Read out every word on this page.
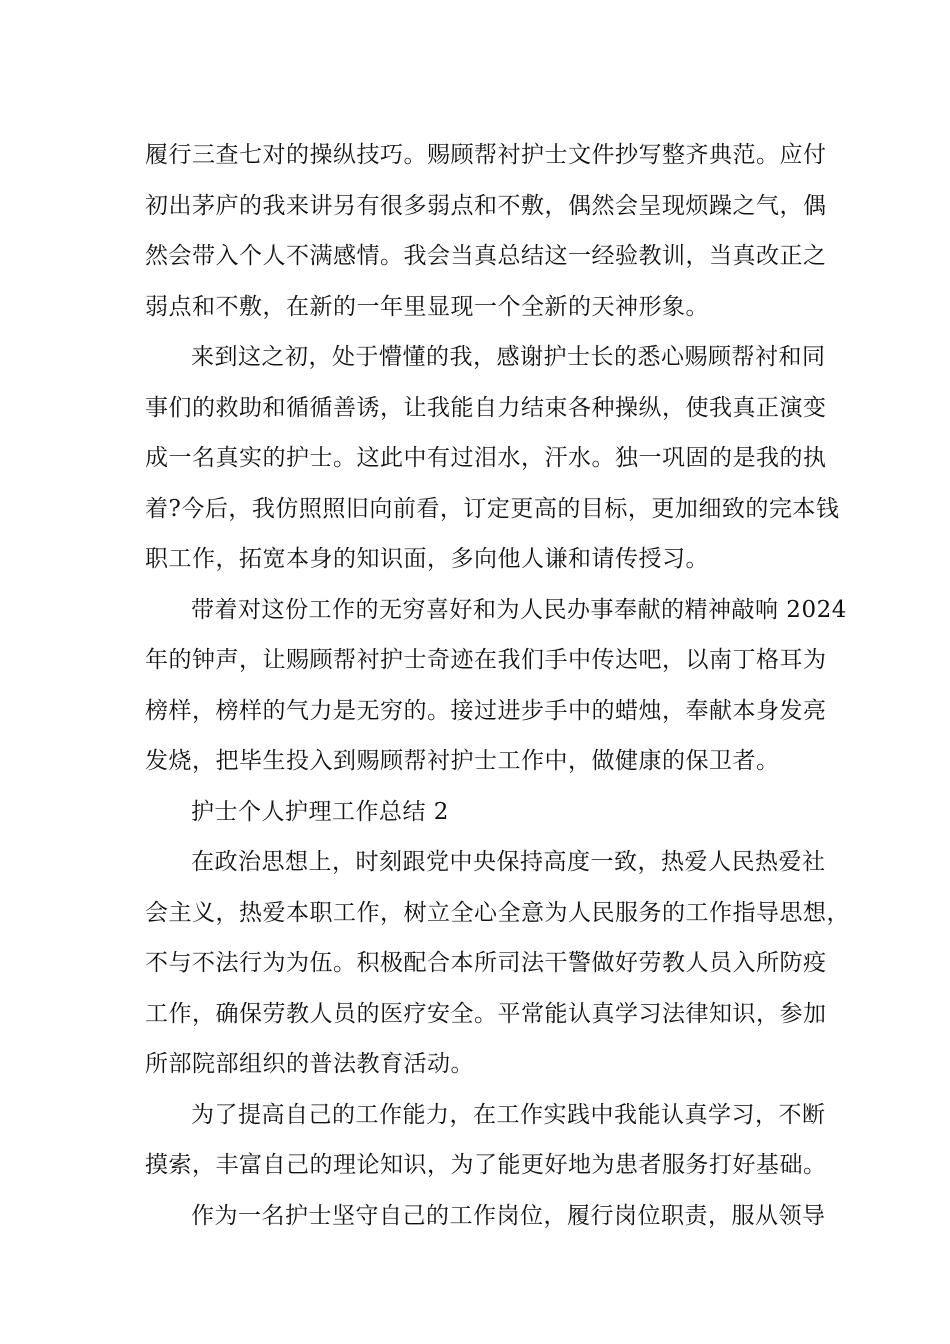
履行三查七对的操纵技巧。赐顾帮衬护士文件抄写整齐典范。应付
初出茅庐的我来讲另有很多弱点和不敷，偶然会呈现烦躁之气，偶
然会带入个人不满感情。我会当真总结这一经验教训，当真改正之
弱点和不敷，在新的一年里显现一个全新的天神形象。
来到这之初，处于懵懂的我，感谢护士长的悉心赐顾帮衬和同
事们的救助和循循善诱，让我能自力结束各种操纵，使我真正演变
成一名真实的护士。这此中有过泪水，汗水。独一巩固的是我的执
着?今后，我仿照照旧向前看，订定更高的目标，更加细致的完本钱
职工作，拓宽本身的知识面，多向他人谦和请传授习。
带着对这份工作的无穷喜好和为人民办事奉献的精神敲响 2024
年的钟声，让赐顾帮衬护士奇迹在我们手中传达吧，以南丁格耳为
榜样，榜样的气力是无穷的。接过进步手中的蜡烛，奉献本身发亮
发烧，把毕生投入到赐顾帮衬护士工作中，做健康的保卫者。
护士个人护理工作总结 2
在政治思想上，时刻跟党中央保持高度一致，热爱人民热爱社
会主义，热爱本职工作，树立全心全意为人民服务的工作指导思想，
不与不法行为为伍。积极配合本所司法干警做好劳教人员入所防疫
工作，确保劳教人员的医疗安全。平常能认真学习法律知识，参加
所部院部组织的普法教育活动。
为了提高自己的工作能力，在工作实践中我能认真学习，不断
摸索，丰富自己的理论知识，为了能更好地为患者服务打好基础。
作为一名护士坚守自己的工作岗位，履行岗位职责，服从领导
